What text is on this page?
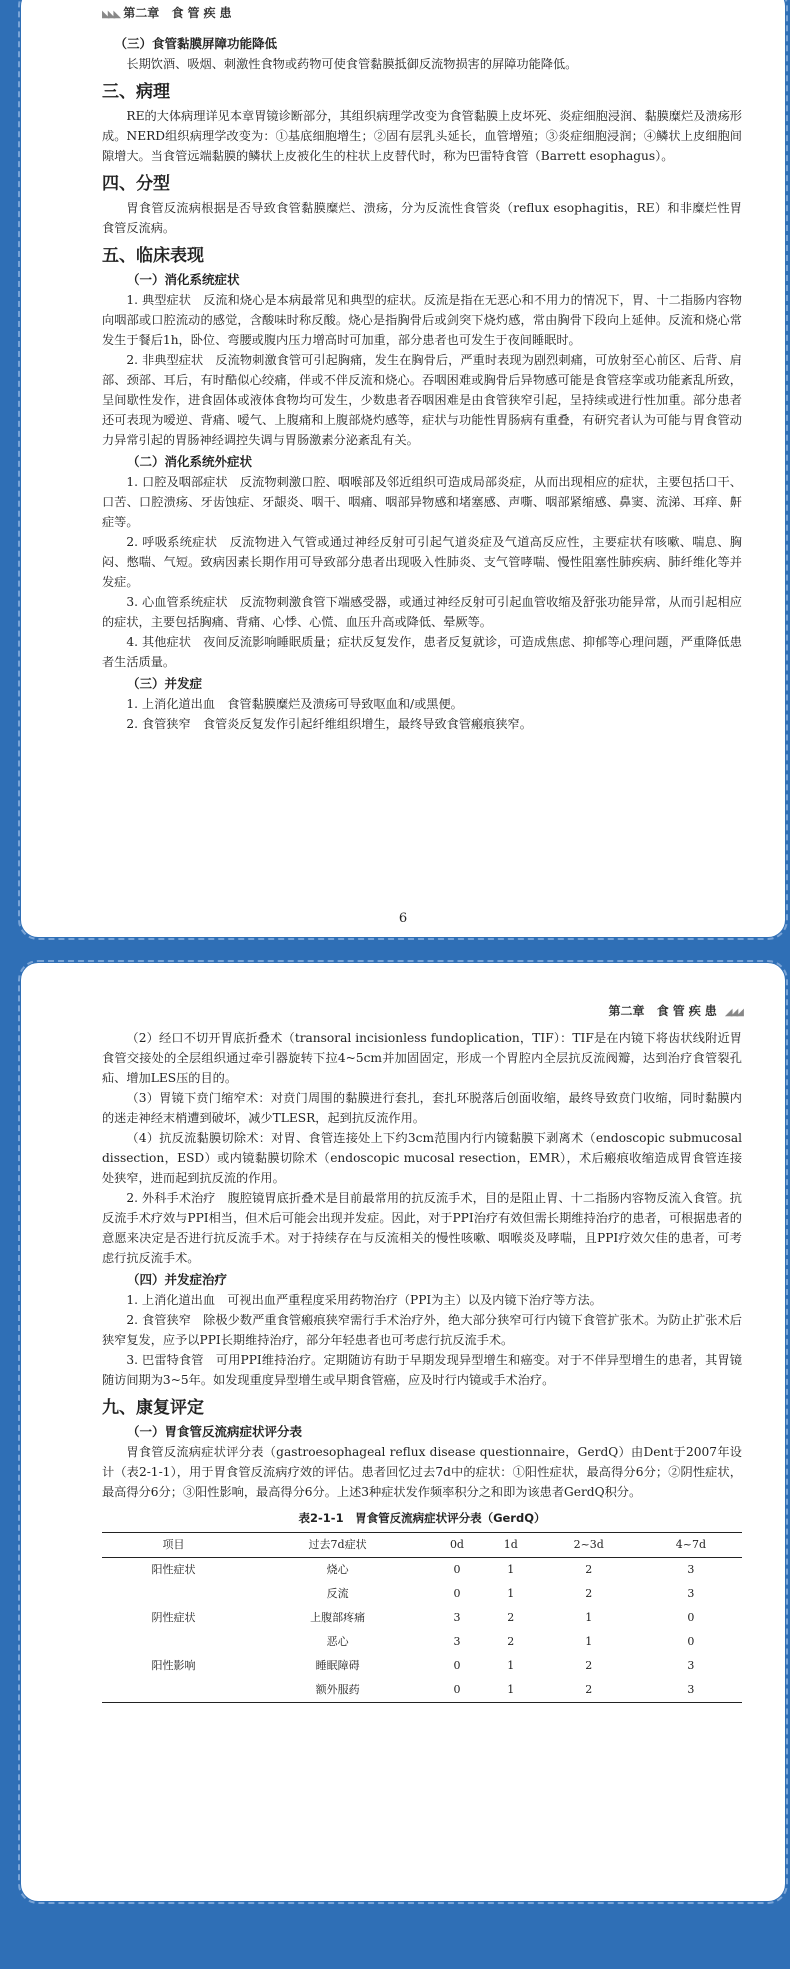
◣◣◣ 第二章 食管疾患
（三）食管黏膜屏障功能降低

长期饮酒、吸烟、刺激性食物或药物可使食管黏膜抵御反流物损害的屏障功能降低。

三、病理

RE的大体病理详见本章胃镜诊断部分，其组织病理学改变为食管黏膜上皮坏死、炎症细胞浸润、黏膜糜烂及溃疡形成。NERD组织病理学改变为：①基底细胞增生；②固有层乳头延长，血管增殖；③炎症细胞浸润；④鳞状上皮细胞间隙增大。当食管远端黏膜的鳞状上皮被化生的柱状上皮替代时，称为巴雷特食管（Barrett esophagus）。

四、分型

胃食管反流病根据是否导致食管黏膜糜烂、溃疡，分为反流性食管炎（reflux esophagitis，RE）和非糜烂性胃食管反流病。

五、临床表现
（一）消化系统症状

1. 典型症状　反流和烧心是本病最常见和典型的症状。反流是指在无恶心和不用力的情况下，胃、十二指肠内容物向咽部或口腔流动的感觉，含酸味时称反酸。烧心是指胸骨后或剑突下烧灼感，常由胸骨下段向上延伸。反流和烧心常发生于餐后1h，卧位、弯腰或腹内压力增高时可加重，部分患者也可发生于夜间睡眠时。

2. 非典型症状　反流物刺激食管可引起胸痛，发生在胸骨后，严重时表现为剧烈刺痛，可放射至心前区、后背、肩部、颈部、耳后，有时酷似心绞痛，伴或不伴反流和烧心。吞咽困难或胸骨后异物感可能是食管痉挛或功能紊乱所致，呈间歇性发作，进食固体或液体食物均可发生，少数患者吞咽困难是由食管狭窄引起，呈持续或进行性加重。部分患者还可表现为嗳逆、背痛、嗳气、上腹痛和上腹部烧灼感等，症状与功能性胃肠病有重叠，有研究者认为可能与胃食管动力异常引起的胃肠神经调控失调与胃肠激素分泌紊乱有关。

（二）消化系统外症状

1. 口腔及咽部症状　反流物刺激口腔、咽喉部及邻近组织可造成局部炎症，从而出现相应的症状，主要包括口干、口苦、口腔溃疡、牙齿蚀症、牙龈炎、咽干、咽痛、咽部异物感和堵塞感、声嘶、咽部紧缩感、鼻窦、流涕、耳痒、鼾症等。

2. 呼吸系统症状　反流物进入气管或通过神经反射可引起气道炎症及气道高反应性，主要症状有咳嗽、喘息、胸闷、憋喘、气短。致病因素长期作用可导致部分患者出现吸入性肺炎、支气管哮喘、慢性阻塞性肺疾病、肺纤维化等并发症。

3. 心血管系统症状　反流物刺激食管下端感受器，或通过神经反射可引起血管收缩及舒张功能异常，从而引起相应的症状，主要包括胸痛、背痛、心悸、心慌、血压升高或降低、晕厥等。

4. 其他症状　夜间反流影响睡眠质量；症状反复发作，患者反复就诊，可造成焦虑、抑郁等心理问题，严重降低患者生活质量。

（三）并发症

1. 上消化道出血　食管黏膜糜烂及溃疡可导致呕血和/或黑便。

2. 食管狭窄　食管炎反复发作引起纤维组织增生，最终导致食管瘢痕狭窄。

6
第二章 食管疾患 ◢◢◢

（2）经口不切开胃底折叠术（transoral incisionless fundoplication，TIF）：TIF是在内镜下将齿状线附近胃食管交接处的全层组织通过牵引器旋转下拉4~5cm并加固固定，形成一个胃腔内全层抗反流阀瓣，达到治疗食管裂孔疝、增加LES压的目的。

（3）胃镜下贲门缩窄术：对贲门周围的黏膜进行套扎，套扎环脱落后创面收缩，最终导致贲门收缩，同时黏膜内的迷走神经末梢遭到破坏，减少TLESR，起到抗反流作用。

（4）抗反流黏膜切除术：对胃、食管连接处上下约3cm范围内行内镜黏膜下剥离术（endoscopic submucosal dissection，ESD）或内镜黏膜切除术（endoscopic mucosal resection，EMR），术后瘢痕收缩造成胃食管连接处狭窄，进而起到抗反流的作用。

2. 外科手术治疗　腹腔镜胃底折叠术是目前最常用的抗反流手术，目的是阻止胃、十二指肠内容物反流入食管。抗反流手术疗效与PPI相当，但术后可能会出现并发症。因此，对于PPI治疗有效但需长期维持治疗的患者，可根据患者的意愿来决定是否进行抗反流手术。对于持续存在与反流相关的慢性咳嗽、咽喉炎及哮喘，且PPI疗效欠佳的患者，可考虑行抗反流手术。

（四）并发症治疗

1. 上消化道出血　可视出血严重程度采用药物治疗（PPI为主）以及内镜下治疗等方法。

2. 食管狭窄　除极少数严重食管瘢痕狭窄需行手术治疗外，绝大部分狭窄可行内镜下食管扩张术。为防止扩张术后狭窄复发，应予以PPI长期维持治疗，部分年轻患者也可考虑行抗反流手术。

3. 巴雷特食管　可用PPI维持治疗。定期随访有助于早期发现异型增生和癌变。对于不伴异型增生的患者，其胃镜随访间期为3~5年。如发现重度异型增生或早期食管癌，应及时行内镜或手术治疗。

九、康复评定
（一）胃食管反流病症状评分表

胃食管反流病症状评分表（gastroesophageal reflux disease questionnaire，GerdQ）由Dent于2007年设计（表2-1-1），用于胃食管反流病疗效的评估。患者回忆过去7d中的症状：①阳性症状，最高得分6分；②阴性症状，最高得分6分；③阳性影响，最高得分6分。上述3种症状发作频率积分之和即为该患者GerdQ积分。

表2-1-1　胃食管反流病症状评分表（GerdQ）
项目	过去7d症状	0d	1d	2~3d	4~7d
阳性症状	烧心	0	1	2	3
	反流	0	1	2	3
阴性症状	上腹部疼痛	3	2	1	0
	恶心	3	2	1	0
阳性影响	睡眠障碍	0	1	2	3
	额外服药	0	1	2	3
